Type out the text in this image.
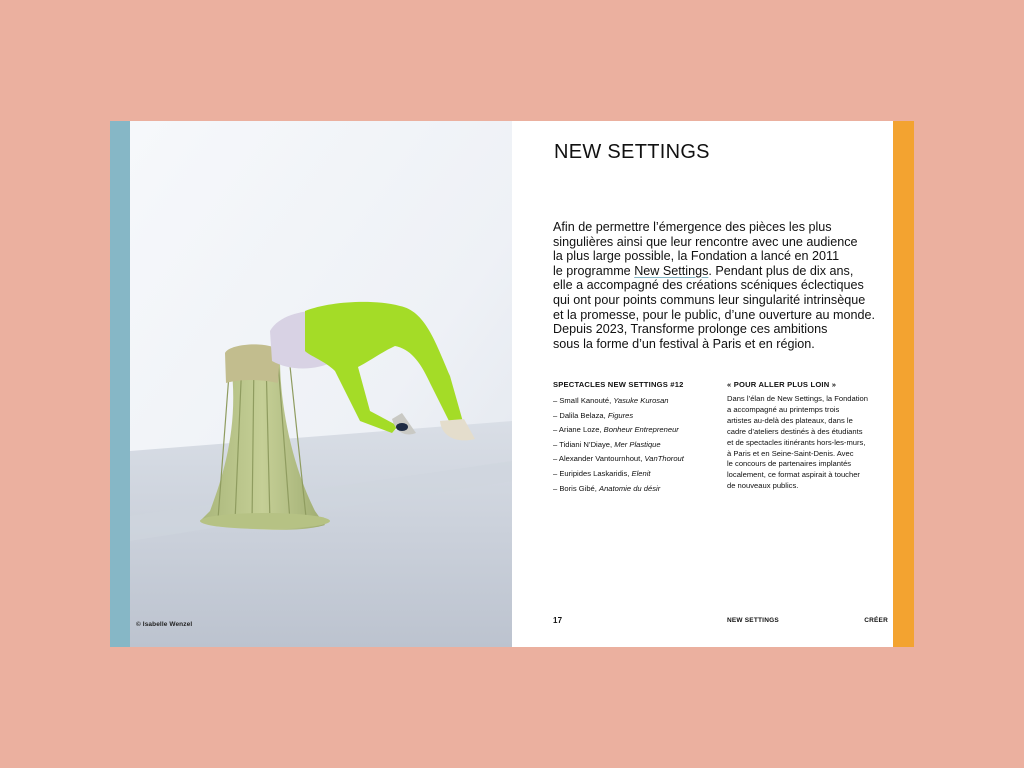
© Isabelle Wenzel
NEW SETTINGS

Afin de permettre l’émergence des pièces les plus
singulières ainsi que leur rencontre avec une audience
la plus large possible, la Fondation a lancé en 2011
le programme New Settings. Pendant plus de dix ans,
elle a accompagné des créations scéniques éclectiques
qui ont pour points communs leur singularité intrinsèque
et la promesse, pour le public, d’une ouverture au monde.
Depuis 2023, Transforme prolonge ces ambitions
sous la forme d’un festival à Paris et en région.

SPECTACLES NEW SETTINGS #12
– Smaïl Kanouté, Yasuke Kurosan
– Dalila Belaza, Figures
– Ariane Loze, Bonheur Entrepreneur
– Tidiani N’Diaye, Mer Plastique
– Alexander Vantournhout, VanThorout
– Euripides Laskaridis, Elenit
– Boris Gibé, Anatomie du désir
« POUR ALLER PLUS LOIN »

Dans l’élan de New Settings, la Fondation
a accompagné au printemps trois
artistes au-delà des plateaux, dans le
cadre d’ateliers destinés à des étudiants
et de spectacles itinérants hors-les-murs,
à Paris et en Seine-Saint-Denis. Avec
le concours de partenaires implantés
localement, ce format aspirait à toucher
de nouveaux publics.

17	NEW SETTINGS	CRÉER
